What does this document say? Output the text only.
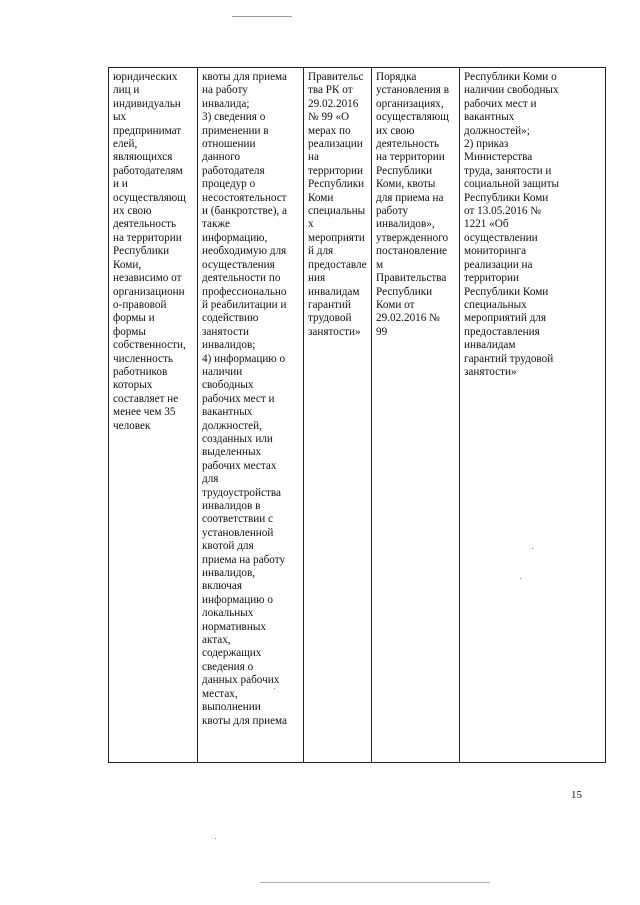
юридических
лиц и
индивидуальн
ых
предпринимат
елей,
являющихся
работодателям
и и
осуществляющ
их свою
деятельность
на территории
Республики
Коми,
независимо от
организационн
о-правовой
формы и
формы
собственности,
численность
работников
которых
составляет не
менее чем 35
человек

квоты для приема
на работу
инвалида;
3) сведения о
применении в
отношении
данного
работодателя
процедур о
несостоятельност
и (банкротстве), а
также
информацию,
необходимую для
осуществления
деятельности по
профессионально
й реабилитации и
содействию
занятости
инвалидов;
4) информацию о
наличии
свободных
рабочих мест и
вакантных
должностей,
созданных или
выделенных
рабочих местах
для
трудоустройства
инвалидов в
соответствии с
установленной
квотой для
приема на работу
инвалидов,
включая
информацию о
локальных
нормативных
актах,
содержащих
сведения о
данных рабочих
местах,
выполнении
квоты для приема

Правительс
тва РК от
29.02.2016
№ 99 «О
мерах по
реализации
на
территории
Республики
Коми
специальны
х
мероприяти
й для
предоставле
ния
инвалидам
гарантий
трудовой
занятости»

Порядка
установления в
организациях,
осуществляющ
их свою
деятельность
на территории
Республики
Коми, квоты
для приема на
работу
инвалидов»,
утвержденного
постановление
м
Правительства
Республики
Коми от
29.02.2016 №
99

Республики Коми о
наличии свободных
рабочих мест и
вакантных
должностей»;
2) приказ
Министерства
труда, занятости и
социальной защиты
Республики Коми
от 13.05.2016 №
1221 «Об
осуществлении
мониторинга
реализации на
территории
Республики Коми
специальных
мероприятий для
предоставления
инвалидам
гарантий трудовой
занятости»
15
